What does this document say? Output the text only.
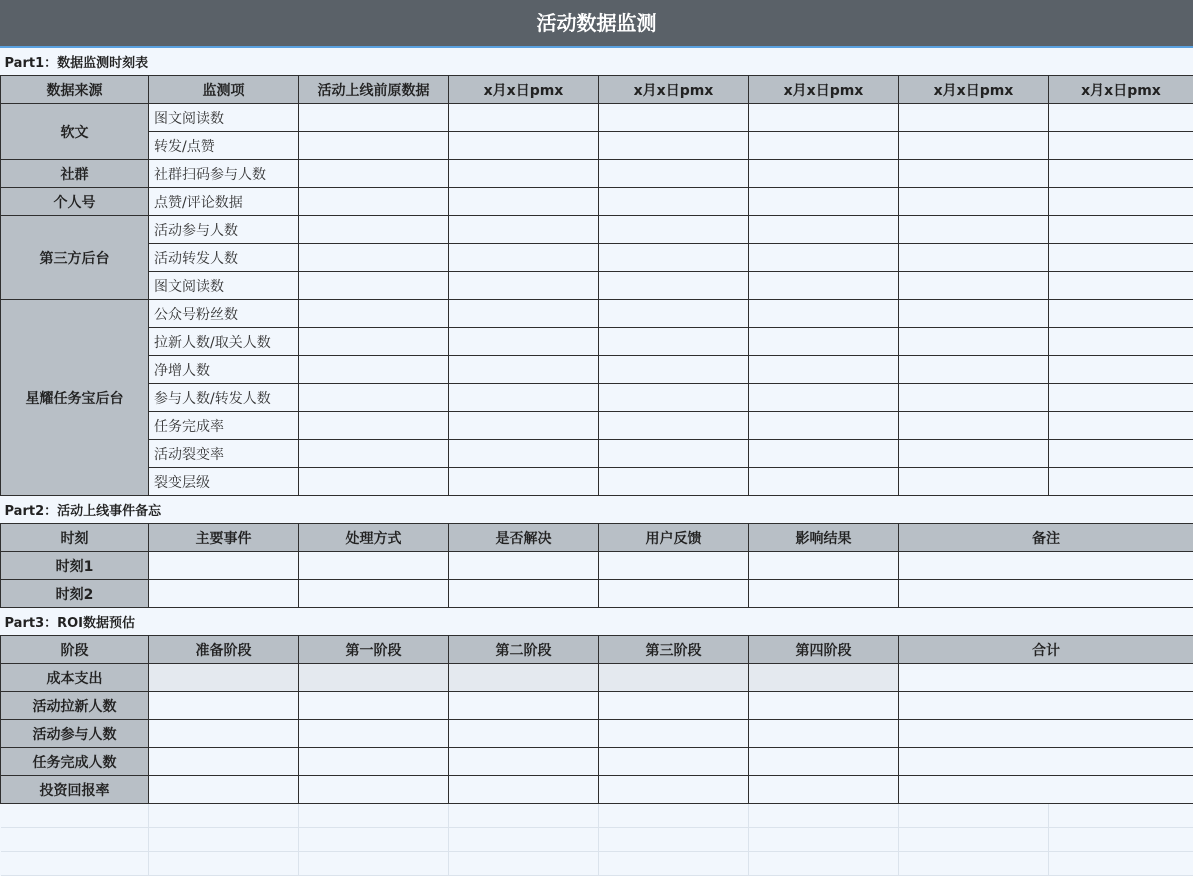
活动数据监测
Part1：数据监测时刻表							
数据来源	监测项	活动上线前原数据	x月x日pmx	x月x日pmx	x月x日pmx	x月x日pmx	x月x日pmx
软文	图文阅读数						
	转发/点赞						
社群	社群扫码参与人数						
个人号	点赞/评论数据						
第三方后台	活动参与人数						
	活动转发人数						
	图文阅读数						
星耀任务宝后台	公众号粉丝数						
	拉新人数/取关人数						
	净增人数						
	参与人数/转发人数						
	任务完成率						
	活动裂变率						
	裂变层级						
Part2：活动上线事件备忘							
时刻	主要事件	处理方式	是否解决	用户反馈	影响结果	备注	
时刻1							
时刻2							
Part3：ROI数据预估							
阶段	准备阶段	第一阶段	第二阶段	第三阶段	第四阶段	合计	
成本支出							
活动拉新人数							
活动参与人数							
任务完成人数							
投资回报率							
